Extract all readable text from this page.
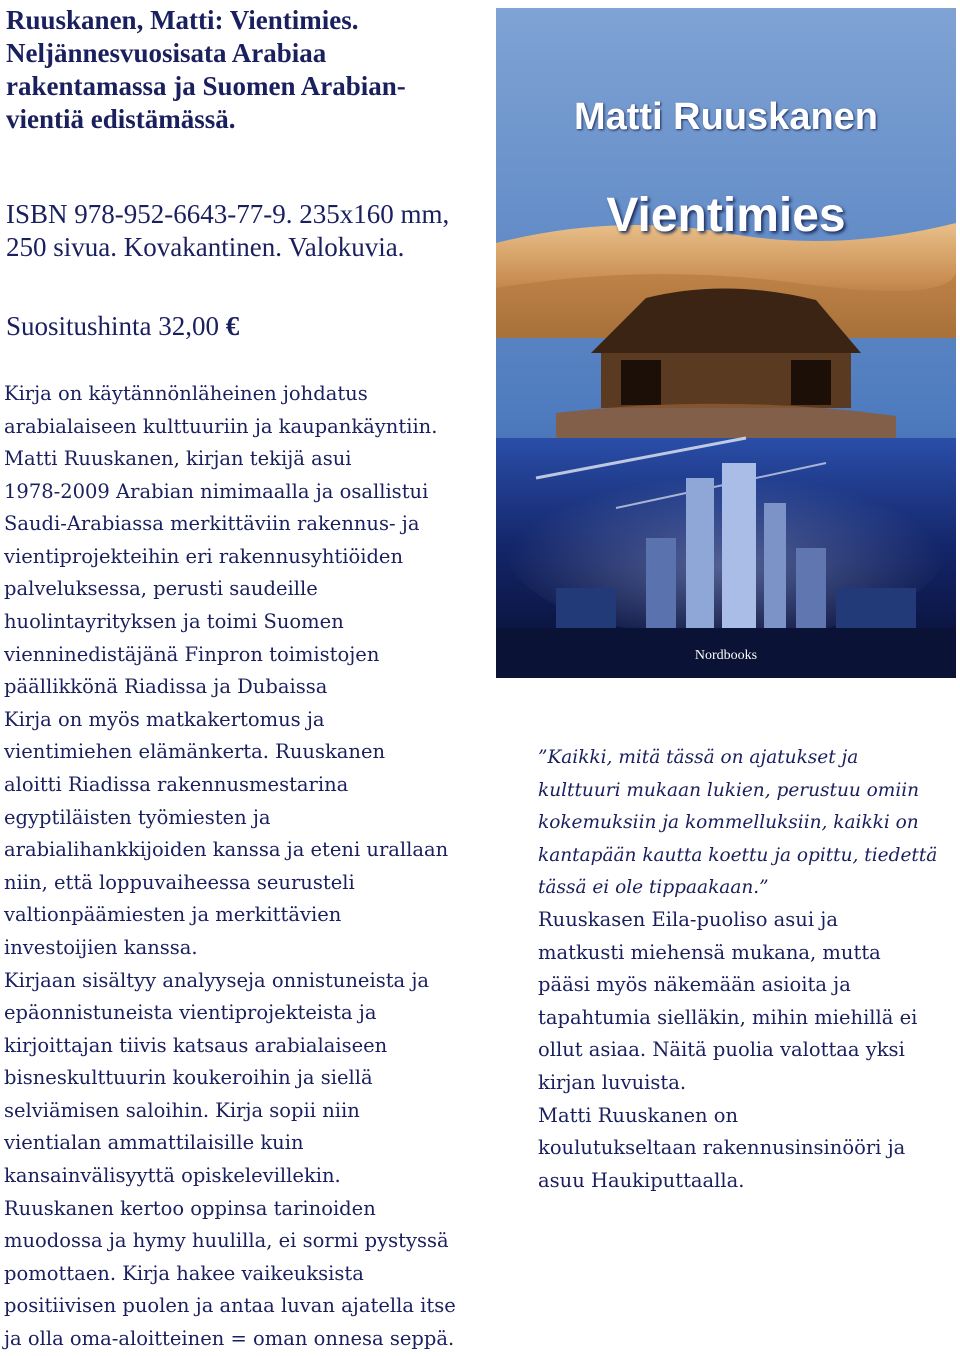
Ruuskanen, Matti: Vientimies.
Neljännesvuosisata Arabiaa
rakentamassa ja Suomen Arabian-
vientiä edistämässä.
ISBN 978-952-6643-77-9. 235x160 mm,
250 sivua. Kovakantinen. Valokuvia.
Suositushinta 32,00 €
Kirja on käytännönläheinen johdatus
arabialaiseen kulttuuriin ja kaupankäyntiin.
Matti Ruuskanen, kirjan tekijä asui
1978-2009 Arabian nimimaalla ja osallistui
Saudi-Arabiassa merkittäviin rakennus- ja
vientiprojekteihin eri rakennusyhtiöiden
palveluksessa, perusti saudeille
huolintayrityksen ja toimi Suomen
vienninedistäjänä Finpron toimistojen
päällikkönä Riadissa ja Dubaissa
Kirja on myös matkakertomus ja
vientimiehen elämänkerta. Ruuskanen
aloitti Riadissa rakennusmestarina
egyptiläisten työmiesten ja
arabialihankkijoiden kanssa ja eteni urallaan
niin, että loppuvaiheessa seurusteli
valtionpäämiesten ja merkittävien
investoijien kanssa.
Kirjaan sisältyy analyyseja onnistuneista ja
epäonnistuneista vientiprojekteista ja
kirjoittajan tiivis katsaus arabialaiseen
bisneskulttuurin koukeroihin ja siellä
selviämisen saloihin. Kirja sopii niin
vientialan ammattilaisille kuin
kansainvälisyyttä opiskelevillekin.
Ruuskanen kertoo oppinsa tarinoiden
muodossa ja hymy huulilla, ei sormi pystyssä
pomottaen. Kirja hakee vaikeuksista
positiivisen puolen ja antaa luvan ajatella itse
ja olla oma-aloitteinen = oman onnesa seppä.
Matti Ruuskanen
Vientimies
Nordbooks
”Kaikki, mitä tässä on ajatukset ja
kulttuuri mukaan lukien, perustuu omiin
kokemuksiin ja kommelluksiin, kaikki on
kantapään kautta koettu ja opittu, tiedettä
tässä ei ole tippaakaan.”
Ruuskasen Eila-puoliso asui ja
matkusti miehensä mukana, mutta
pääsi myös näkemään asioita ja
tapahtumia sielläkin, mihin miehillä ei
ollut asiaa. Näitä puolia valottaa yksi
kirjan luvuista.
Matti Ruuskanen on
koulutukseltaan rakennusinsinööri ja
asuu Haukiputtaalla.
